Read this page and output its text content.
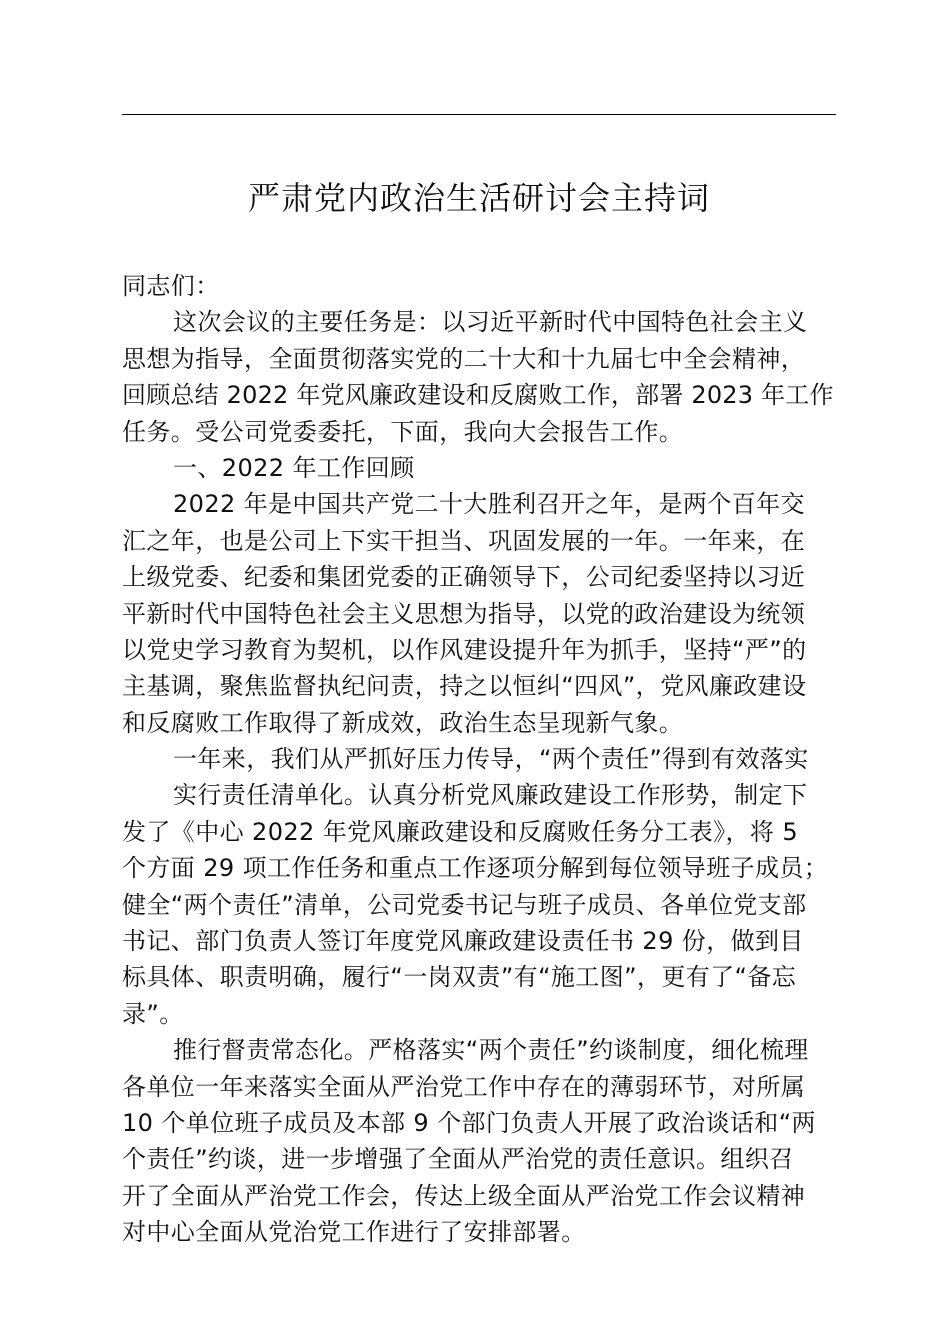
严肃党内政治生活研讨会主持词
同志们：
这次会议的主要任务是：以习近平新时代中国特色社会主义
思想为指导，全面贯彻落实党的二十大和十九届七中全会精神，
回顾总结 2022 年党风廉政建设和反腐败工作，部署 2023 年工作
任务。受公司党委委托，下面，我向大会报告工作。
一、2022 年工作回顾
2022 年是中国共产党二十大胜利召开之年，是两个百年交
汇之年，也是公司上下实干担当、巩固发展的一年。一年来，在
上级党委、纪委和集团党委的正确领导下，公司纪委坚持以习近
平新时代中国特色社会主义思想为指导，以党的政治建设为统领
以党史学习教育为契机，以作风建设提升年为抓手，坚持“严”的
主基调，聚焦监督执纪问责，持之以恒纠“四风”，党风廉政建设
和反腐败工作取得了新成效，政治生态呈现新气象。
一年来，我们从严抓好压力传导，“两个责任”得到有效落实
实行责任清单化。认真分析党风廉政建设工作形势，制定下
发了《中心 2022 年党风廉政建设和反腐败任务分工表》，将 5
个方面 29 项工作任务和重点工作逐项分解到每位领导班子成员；
健全“两个责任”清单，公司党委书记与班子成员、各单位党支部
书记、部门负责人签订年度党风廉政建设责任书 29 份，做到目
标具体、职责明确，履行“一岗双责”有“施工图”，更有了“备忘
录”。
推行督责常态化。严格落实“两个责任”约谈制度，细化梳理
各单位一年来落实全面从严治党工作中存在的薄弱环节，对所属
10 个单位班子成员及本部 9 个部门负责人开展了政治谈话和“两
个责任”约谈，进一步增强了全面从严治党的责任意识。组织召
开了全面从严治党工作会，传达上级全面从严治党工作会议精神
对中心全面从党治党工作进行了安排部署。
